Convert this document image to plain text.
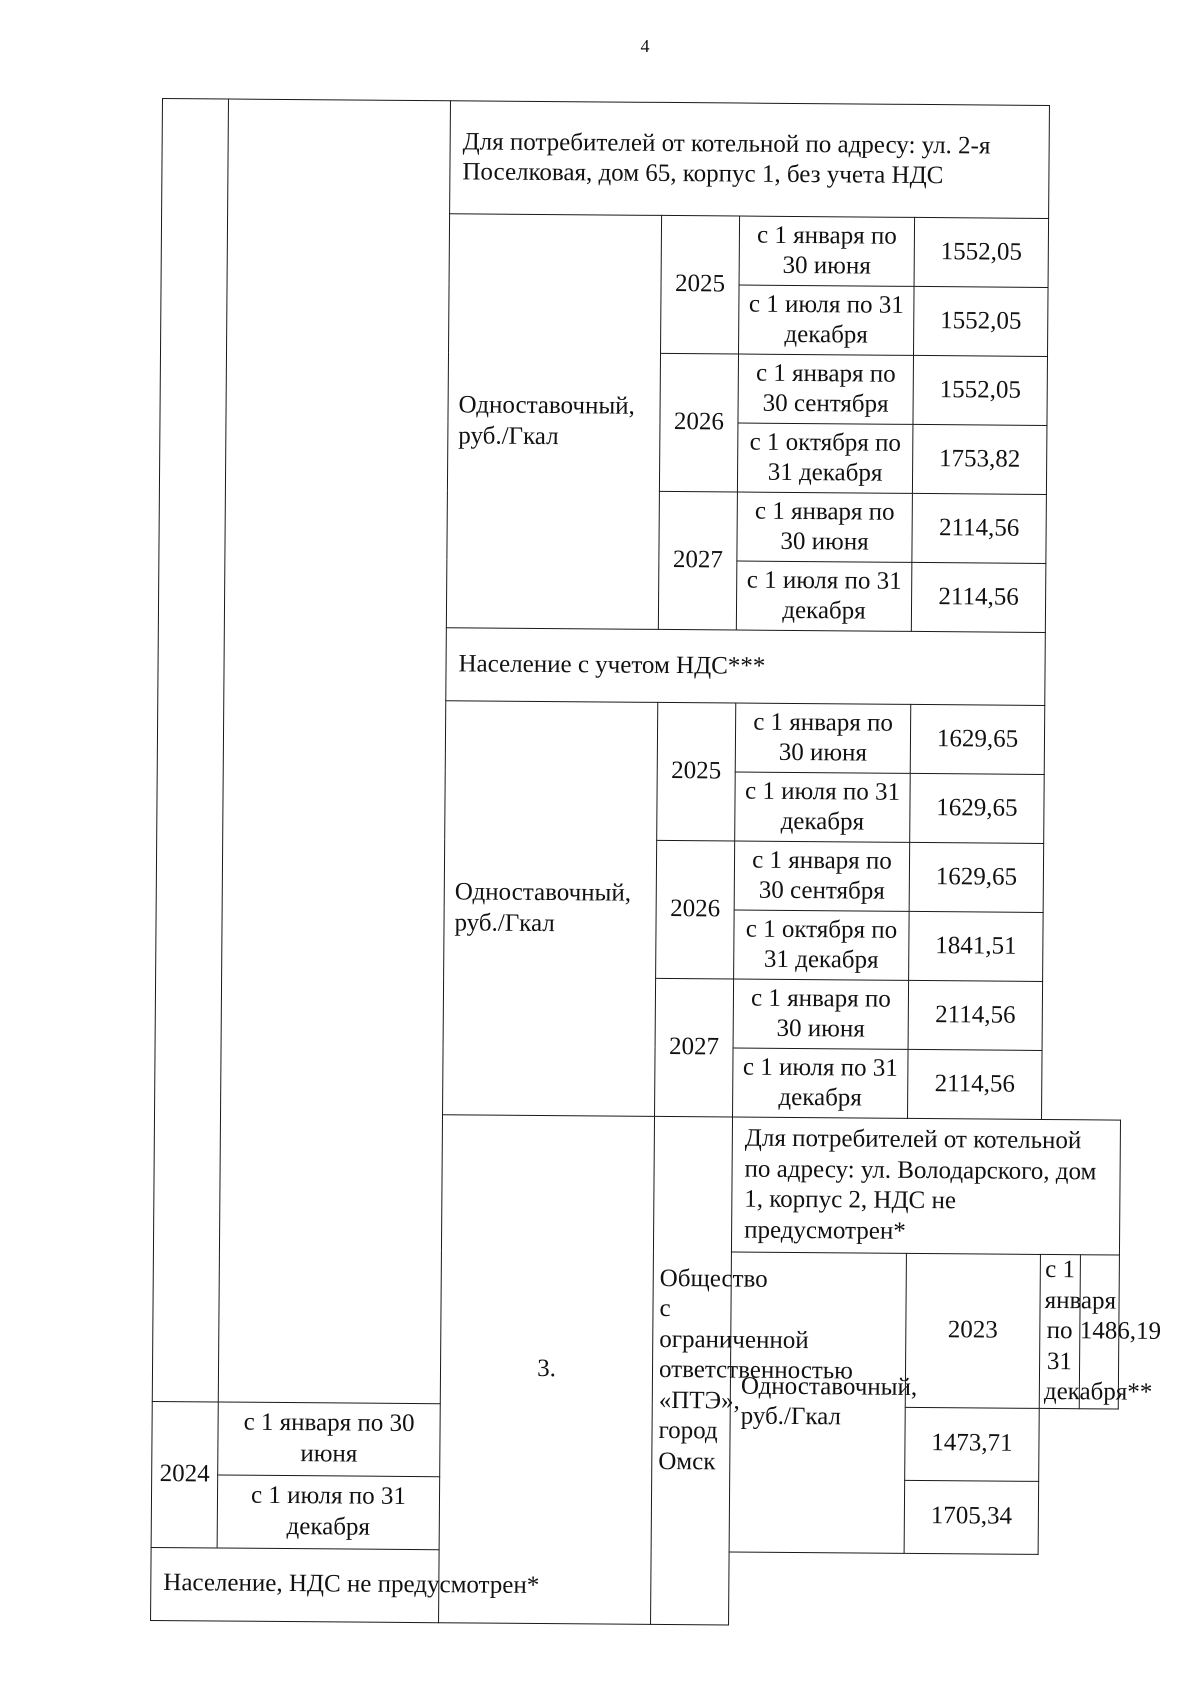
4
		Для потребителей от котельной по адресу: ул. 2-я Поселковая, дом 65, корпус 1, без учета НДС					
		Одноставочный, руб./Гкал	2025	с 1 января по 30 июня	1552,05		
				с 1 июля по 31 декабря	1552,05		
			2026	с 1 января по 30 сентября	1552,05		
				с 1 октября по 31 декабря	1753,82		
			2027	с 1 января по 30 июня	2114,56		
				с 1 июля по 31 декабря	2114,56		
		Население с учетом НДС***					
		Одноставочный, руб./Гкал	2025	с 1 января по 30 июня	1629,65		
				с 1 июля по 31 декабря	1629,65		
			2026	с 1 января по 30 сентября	1629,65		
				с 1 октября по 31 декабря	1841,51		
			2027	с 1 января по 30 июня	2114,56		
				с 1 июля по 31 декабря	2114,56		
		3.	Общество с ограниченной ответственностью «ПТЭ», город Омск	Для потребителей от котельной по адресу: ул. Володарского, дом 1, корпус 2, НДС не предусмотрен*			
				Одноставочный, руб./Гкал	2023	с 1 января по 31 декабря**	1486,19
2024	с 1 января по 30 июня				1473,71		
	с 1 июля по 31 декабря				1705,34		
Население, НДС не предусмотрен*							
